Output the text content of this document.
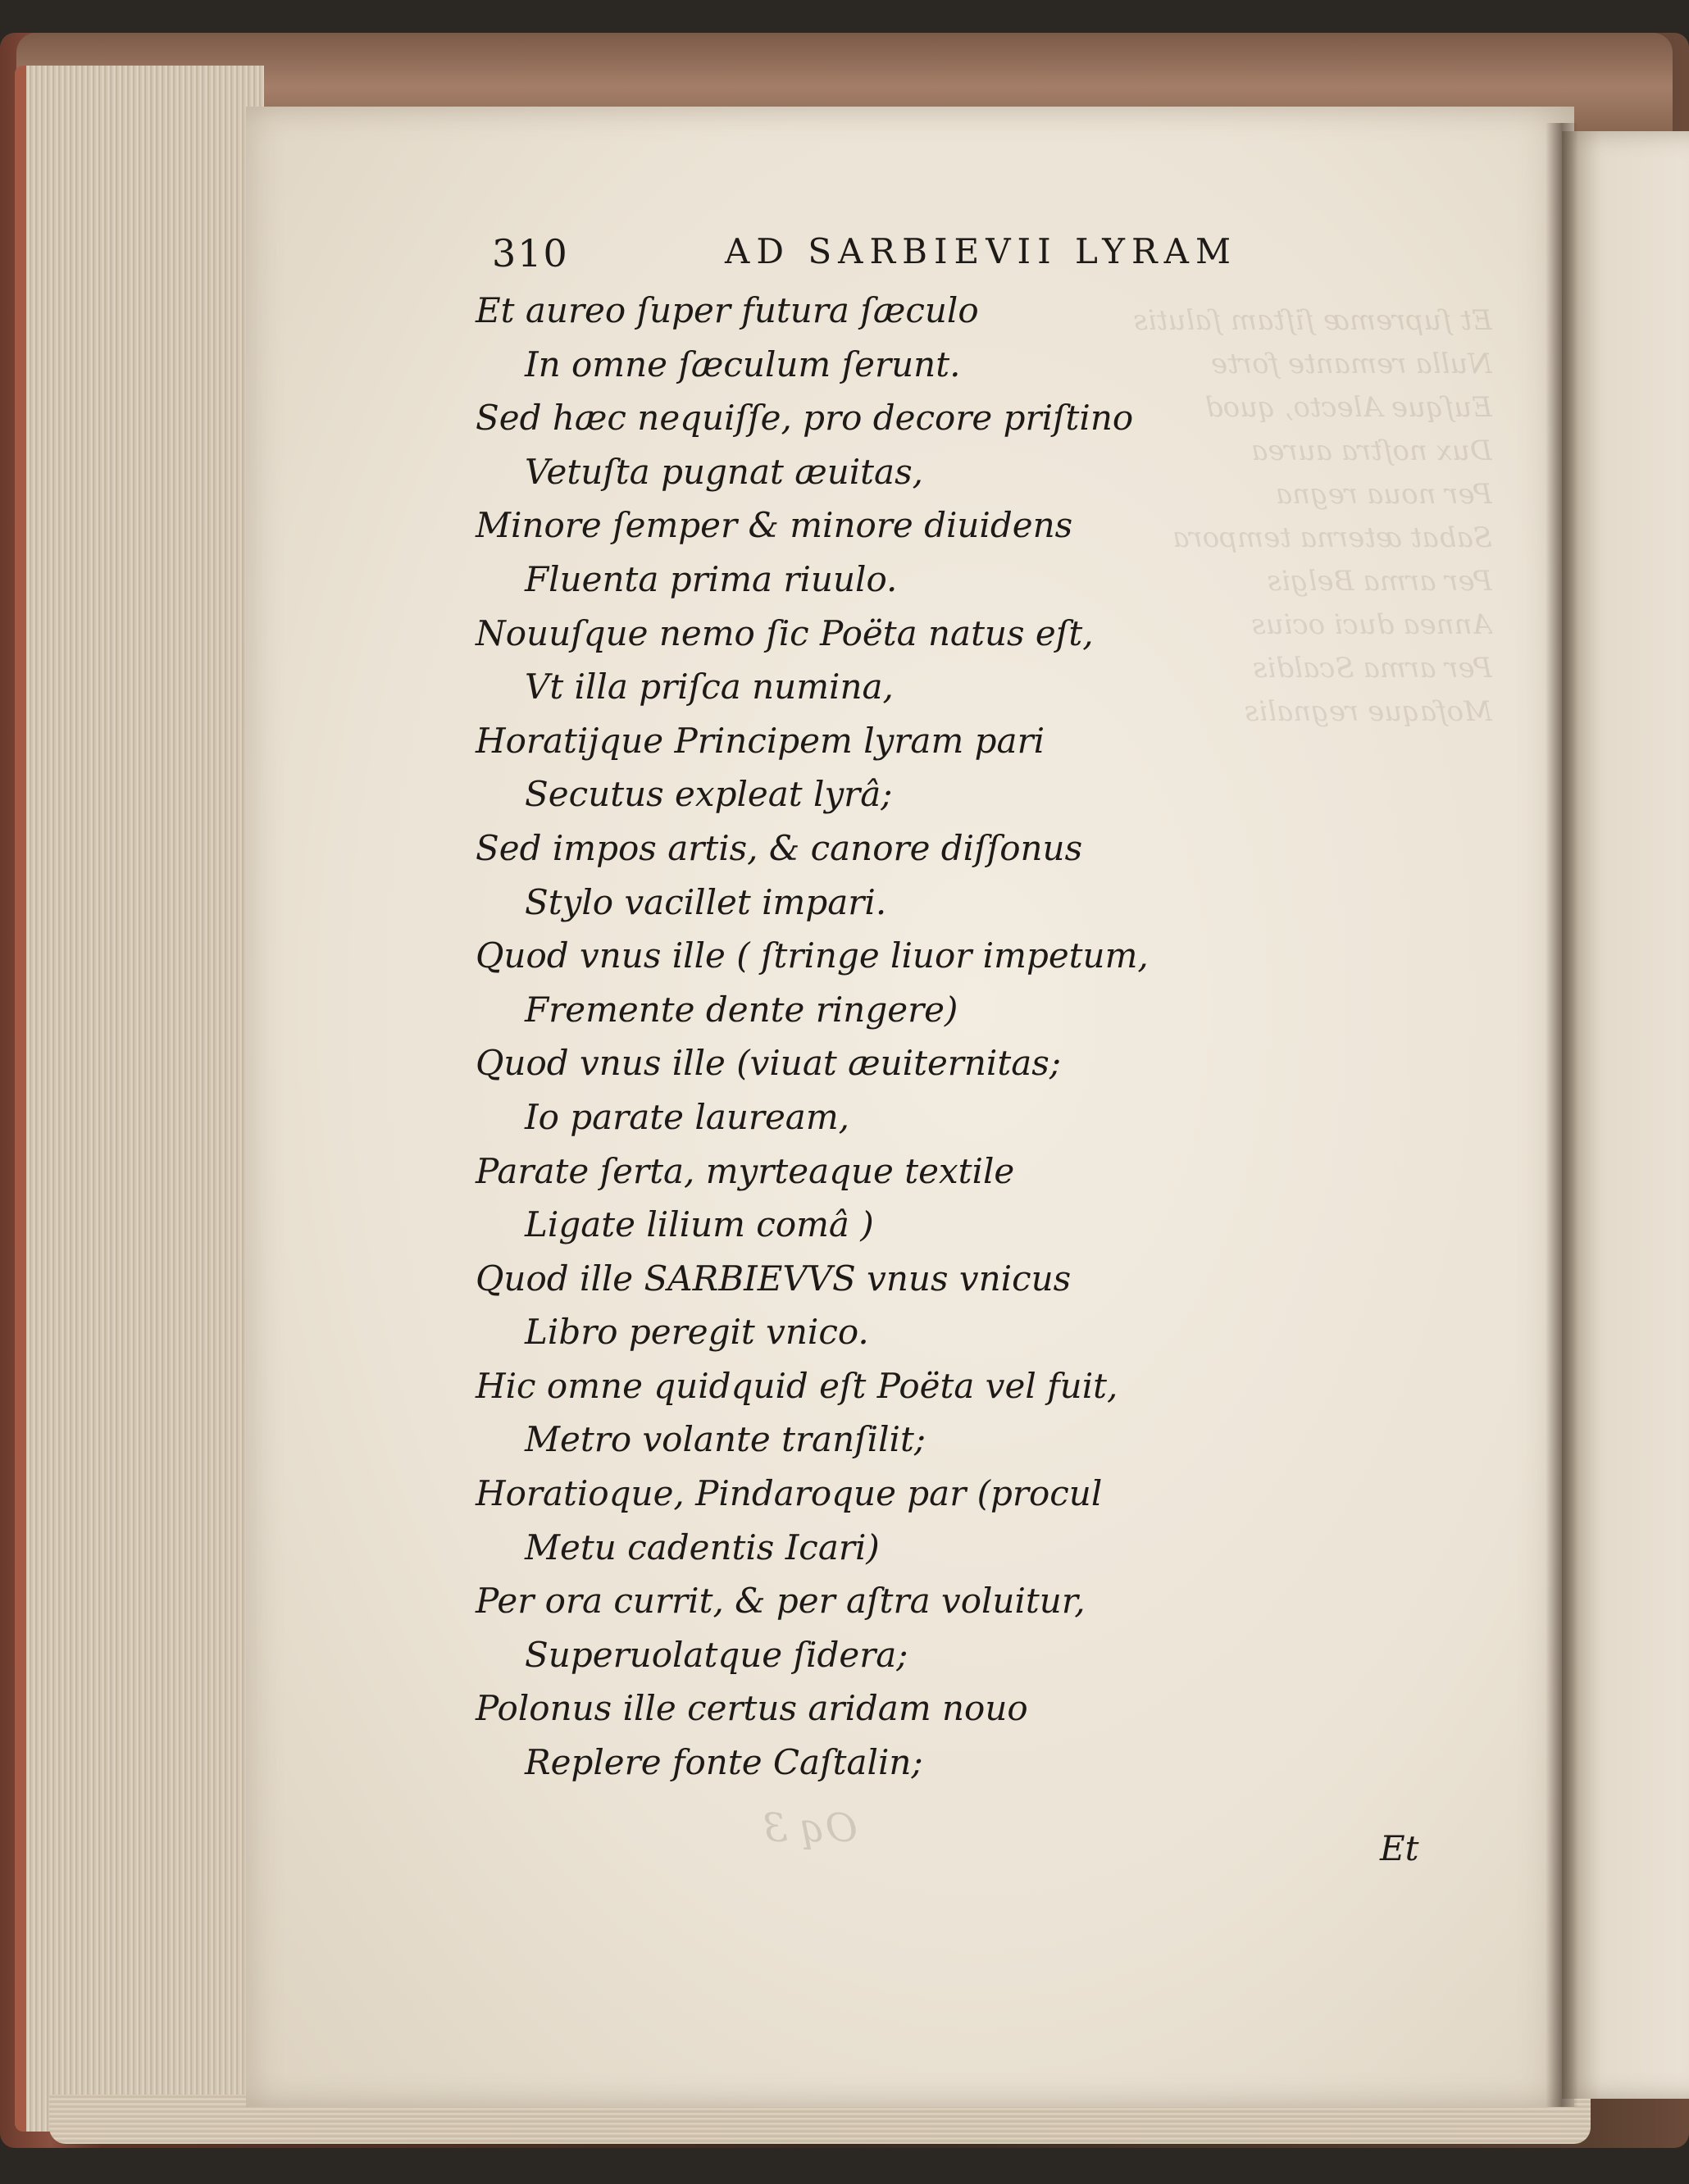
Et ſupremæ ſiſtam ſalutis
Nulla remante forte
Euſque Alecto, quod
Dux noſtra aurea
Per noua regna
Sabat æterna tempora
Per arma Belgis
Annea duci ocius
Per arma Scaldis
Mofaque regnalis
Oq 3
310	AD SARBIEVII LYRAM
Et aureo ſuper futura ſæculo
In omne ſæculum ſerunt.
Sed hæc nequiſſe, pro decore priſtino
Vetuſta pugnat æuitas,
Minore ſemper & minore diuidens
Fluenta prima riuulo.
Nouuſque nemo ſic Poëta natus eſt,
Vt illa priſca numina,
Horatijque Principem lyram pari
Secutus expleat lyrâ;
Sed impos artis, & canore diſſonus
Stylo vacillet impari.
Quod vnus ille ( ſtringe liuor impetum,
Fremente dente ringere)
Quod vnus ille (viuat æuiternitas;
Io parate lauream,
Parate ſerta, myrteaque textile
Ligate lilium comâ )
Quod ille SARBIEVVS vnus vnicus
Libro peregit vnico.
Hic omne quidquid eſt Poëta vel fuit,
Metro volante tranſilit;
Horatioque, Pindaroque par (procul
Metu cadentis Icari)
Per ora currit, & per aſtra voluitur,
Superuolatque ſidera;
Polonus ille certus aridam nouo
Replere fonte Caſtalin;
Et
